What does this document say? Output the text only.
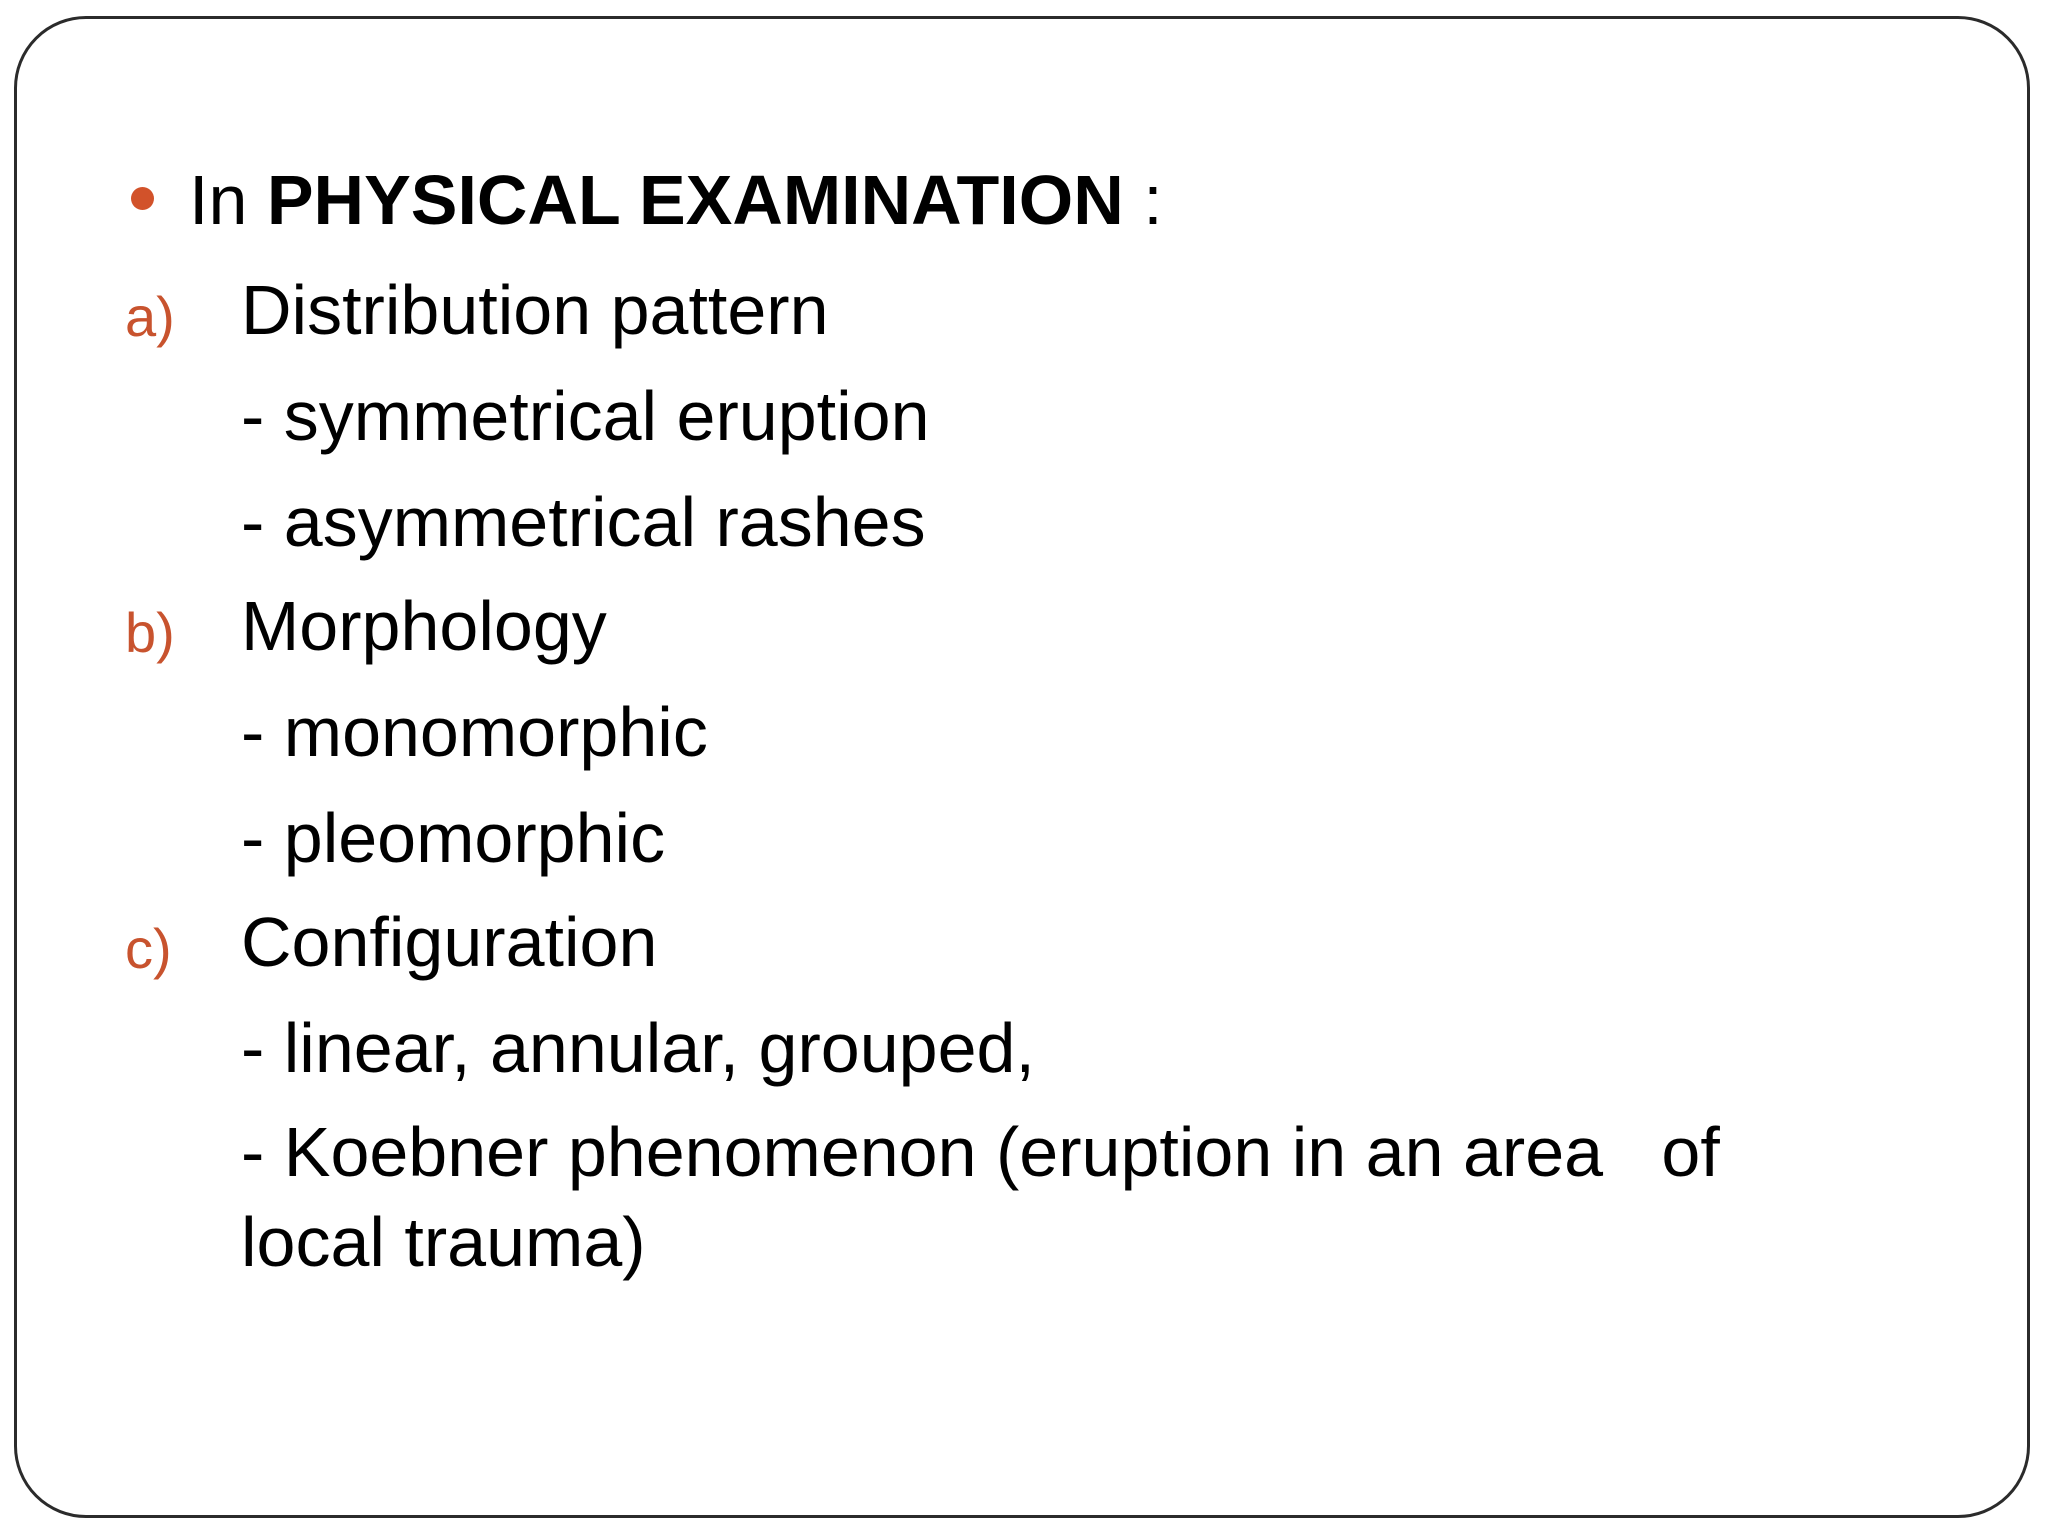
In PHYSICAL EXAMINATION :
a) Distribution pattern
- symmetrical eruption
- asymmetrical rashes
b) Morphology
- monomorphic
- pleomorphic
c) Configuration
- linear, annular, grouped,
- Koebner phenomenon (eruption in an area   of
local trauma)
